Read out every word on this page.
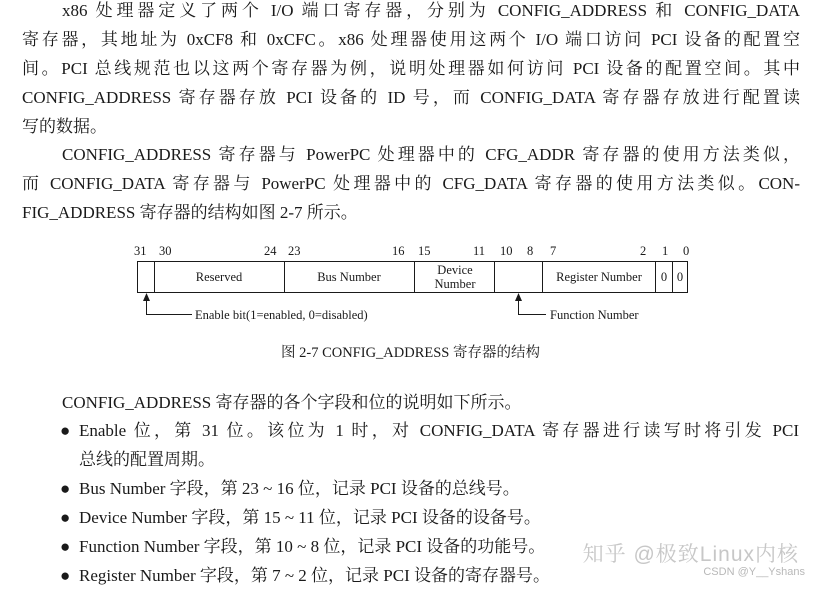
x86 处理器定义了两个 I/O 端口寄存器，分别为 CONFIG_ADDRESS 和 CONFIG_DATA
寄存器，其地址为 0xCF8 和 0xCFC。x86 处理器使用这两个 I/O 端口访问 PCI 设备的配置空
间。PCI 总线规范也以这两个寄存器为例，说明处理器如何访问 PCI 设备的配置空间。其中
CONFIG_ADDRESS 寄存器存放 PCI 设备的 ID 号，而 CONFIG_DATA 寄存器存放进行配置读
写的数据。
CONFIG_ADDRESS 寄存器与 PowerPC 处理器中的 CFG_ADDR 寄存器的使用方法类似，
而 CONFIG_DATA 寄存器与 PowerPC 处理器中的 CFG_DATA 寄存器的使用方法类似。CON-
FIG_ADDRESS 寄存器的结构如图 2-7 所示。
31 30	24 23	16 15	11 10 8 7	2 1 0
Reserved	Bus Number	Device
Number	Register Number 0 0
Enable bit(1=enabled, 0=disabled)	Function Number
图 2-7 CONFIG_ADDRESS 寄存器的结构
CONFIG_ADDRESS 寄存器的各个字段和位的说明如下所示。
● Enable 位，第 31 位。该位为 1 时，对 CONFIG_DATA 寄存器进行读写时将引发 PCI
总线的配置周期。
● Bus Number 字段，第 23 ~ 16 位，记录 PCI 设备的总线号。
● Device Number 字段，第 15 ~ 11 位，记录 PCI 设备的设备号。
● Function Number 字段，第 10 ~ 8 位，记录 PCI 设备的功能号。
● Register Number 字段，第 7 ~ 2 位，记录 PCI 设备的寄存器号。
知乎 @极致Linux内核
CSDN @Y__Yshans
